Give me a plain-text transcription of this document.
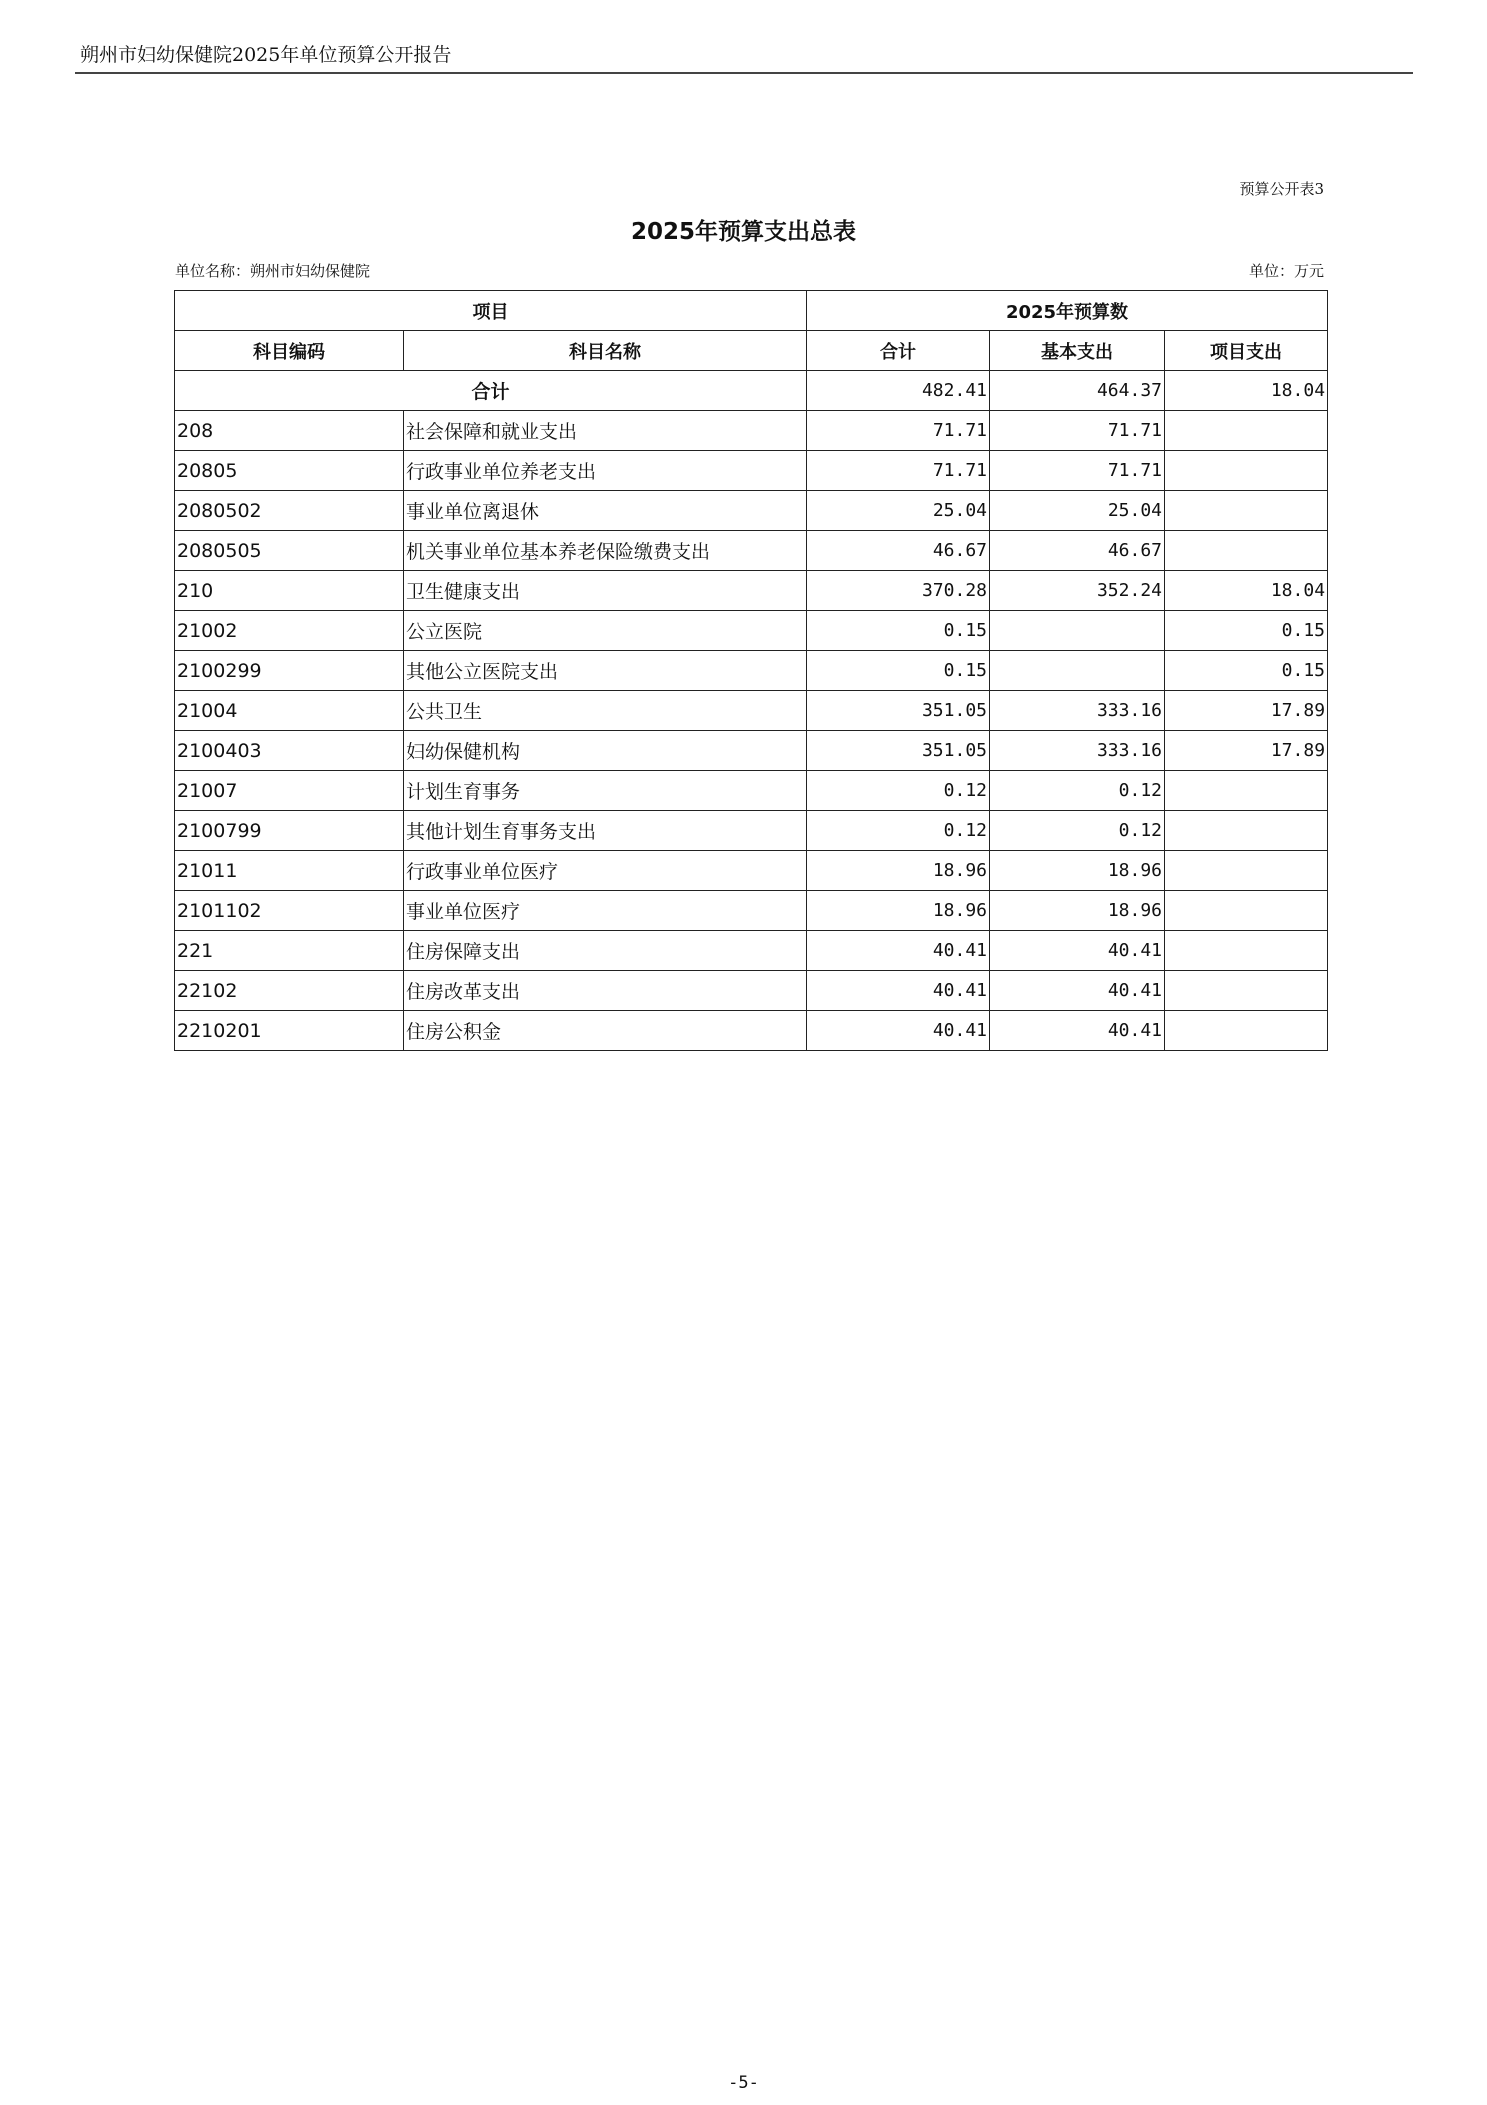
朔州市妇幼保健院2025年单位预算公开报告
预算公开表3
2025年预算支出总表
单位名称：朔州市妇幼保健院	单位：万元
项目		2025年预算数		
科目编码	科目名称	合计	基本支出	项目支出
合计		482.41	464.37	18.04
208	社会保障和就业支出	71.71	71.71	
20805	行政事业单位养老支出	71.71	71.71	
2080502	事业单位离退休	25.04	25.04	
2080505	机关事业单位基本养老保险缴费支出	46.67	46.67	
210	卫生健康支出	370.28	352.24	18.04
21002	公立医院	0.15		0.15
2100299	其他公立医院支出	0.15		0.15
21004	公共卫生	351.05	333.16	17.89
2100403	妇幼保健机构	351.05	333.16	17.89
21007	计划生育事务	0.12	0.12	
2100799	其他计划生育事务支出	0.12	0.12	
21011	行政事业单位医疗	18.96	18.96	
2101102	事业单位医疗	18.96	18.96	
221	住房保障支出	40.41	40.41	
22102	住房改革支出	40.41	40.41	
2210201	住房公积金	40.41	40.41	
-5-
